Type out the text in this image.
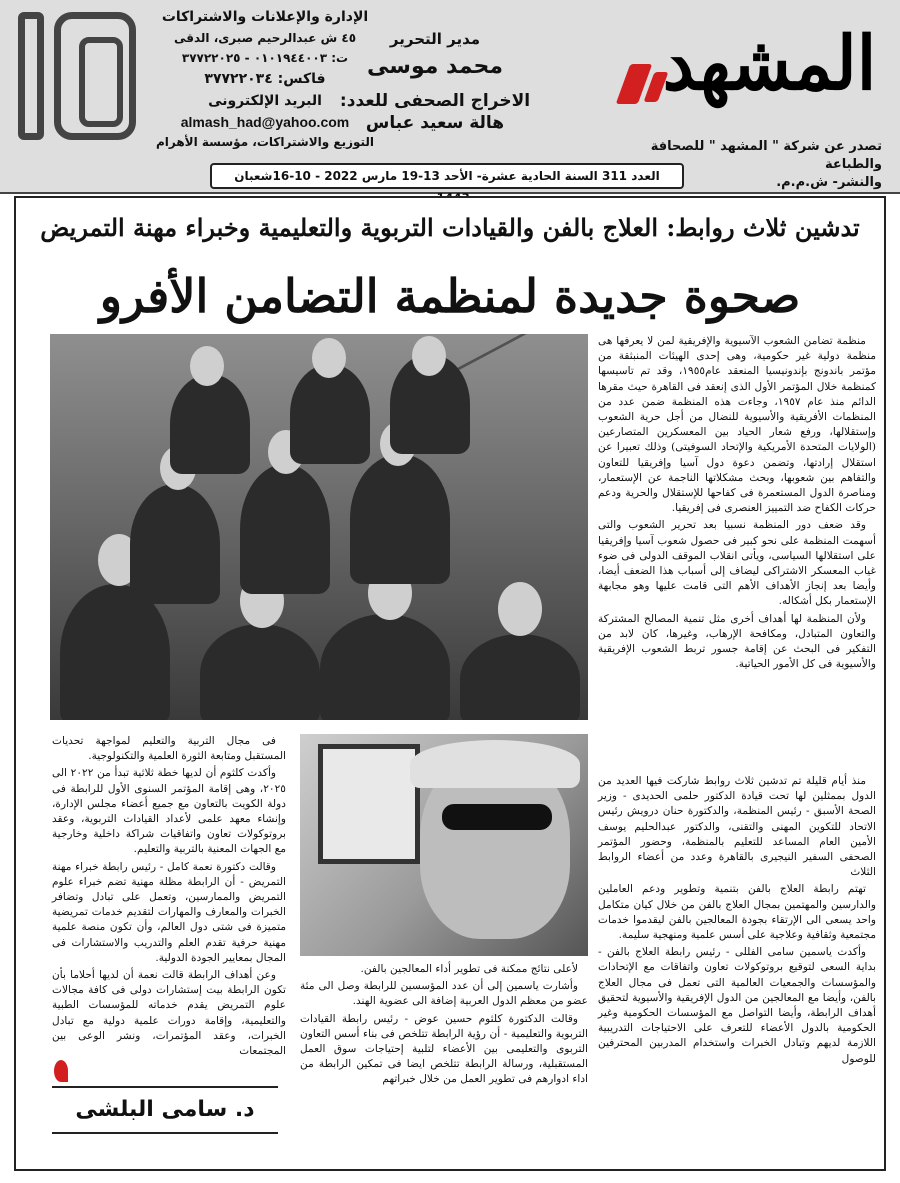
المشهد
تصدر عن شركة " المشهد " للصحافة والطباعة
والنشر- ش.م.م.
مدير التحرير
محمد موسى
الاخراج الصحفى للعدد:
هالة سعيد عباس
الإدارة والإعلانات والاشتراكات
٤٥ ش عبدالرحيم صبرى، الدقى
ت: ٠١٠١٩٤٤٠٠٣ - ٣٧٧٢٢٠٢٥
فاكس: ٣٧٧٢٢٠٣٤
البريد الإلكترونى
almash_had@yahoo.com
التوزيع والاشتراكات، مؤسسة الأهرام
العدد 311 السنة الحادية عشرة- الأحد 13-19 مارس 2022 - 10-16شعبان
تدشين ثلاث روابط: العلاج بالفن والقيادات التربوية والتعليمية وخبراء مهنة التمريض
صحوة جديدة لمنظمة التضامن الأفرو

منظمة تضامن الشعوب الآسيوية والإفريقية لمن لا يعرفها هى منظمة دولية غير حكومية، وهى إحدى الهيئات المنبثقة من مؤتمر باندونج بإندونيسيا المنعقد عام١٩٥٥، وقد تم تاسيسها كمنظمة خلال المؤتمر الأول الذى إنعقد فى القاهرة حيث مقرها الدائم منذ عام ١٩٥٧، وجاءت هذه المنظمة ضمن عدد من المنظمات الأفريقية والأسيوية للنضال من أجل حرية الشعوب وإستقلالها، ورفع شعار الحياد بين المعسكرين المتصارعين (الولايات المتحدة الأمريكية والإتحاد السوفيتى) وذلك تعبيرا عن استقلال إرادتها، وتضمن دعوة دول آسيا وإفريقيا للتعاون والتفاهم بين شعوبها، وبحث مشكلاتها الناجمة عن الإستعمار، ومناصرة الدول المستعمرة فى كفاحها للإستقلال والحرية ودعم حركات الكفاح ضد التمييز العنصرى فى إفريقيا.

وقد ضعف دور المنظمة نسبيا بعد تحرير الشعوب والتى أسهمت المنظمة على نحو كبير فى حصول شعوب آسيا وإفريقيا على استقلالها السياسى، ويأتى انقلاب الموقف الدولى فى ضوء غياب المعسكر الاشتراكى ليضاف إلى أسباب هذا الضعف أيضا، وأيضا بعد إنجاز الأهداف الأهم التى قامت عليها وهو مجابهة الإستعمار بكل أشكاله.

ولأن المنظمة لها أهداف أخرى مثل تنمية المصالح المشتركة والتعاون المتبادل، ومكافحة الإرهاب، وغيرها، كان لابد من التفكير فى البحث عن إقامة جسور تربط الشعوب الإفريقية والأسيوية فى كل الأمور الحياتية.

منذ أيام قليلة تم تدشين ثلاث روابط شاركت فيها العديد من الدول بممثلين لها تحت قيادة الدكتور حلمى الحديدى - وزير الصحة الأسبق - رئيس المنظمة، والدكتورة حنان درويش رئيس الاتحاد للتكوين المهنى والتقنى، والدكتور عبدالحليم يوسف الأمين العام المساعد للتعليم بالمنظمة، وحضور المؤتمر الصحفى السفير النيجيرى بالقاهرة وعدد من أعضاء الروابط الثلاث

تهتم رابطة العلاج بالفن بتنمية وتطوير ودعم العاملين والدارسين والمهتمين بمجال العلاج بالفن من خلال كيان متكامل واحد يسعى الى الإرتقاء بجودة المعالجين بالفن ليقدموا خدمات مجتمعية وثقافية وعلاجية على أسس علمية ومنهجية سليمة.

وأكدت ياسمين سامى الفللى - رئيس رابطة العلاج بالفن - بداية السعى لتوقيع بروتوكولات تعاون واتفاقات مع الإتحادات والمؤسسات والجمعيات العالمية التى تعمل فى مجال العلاج بالفن، وأيضا مع المعالجين من الدول الإفريقية والأسيوية لتحقيق أهداف الرابطة، وأيضا التواصل مع المؤسسات الحكومية وغير الحكومية بالدول الأعضاء للتعرف على الاحتياجات التدريبية اللازمة لديهم وتبادل الخبرات واستخدام المدربين المحترفين للوصول

لأعلى نتائج ممكنة فى تطوير أداء المعالجين بالفن.

وأشارت ياسمين إلى أن عدد المؤسسين للرابطة وصل الى مئة عضو من معظم الدول العربية إضافة الى عضوية الهند.

وقالت الدكتورة كلثوم حسين عوض - رئيس رابطة القيادات التربوية والتعليمية - أن رؤية الرابطة تتلخص فى بناء أسس التعاون التربوى والتعليمى بين الأعضاء لتلبية إحتياجات سوق العمل المستقبلية، ورسالة الرابطة تتلخص ايضا فى تمكين الرابطة من اداء ادوارهم فى تطوير العمل من خلال خبراتهم

فى مجال التربية والتعليم لمواجهة تحديات المستقبل ومتابعة الثورة العلمية والتكنولوجية.

وأكدت كلثوم أن لديها خطة ثلاثية تبدأ من ٢٠٢٢ الى ٢٠٢٥، وهى إقامة المؤتمر السنوى الأول للرابطة فى دولة الكويت بالتعاون مع جميع أعضاء مجلس الإدارة، وإنشاء معهد علمى لأعداد القيادات التربوية، وعقد بروتوكولات تعاون واتفاقيات شراكة داخلية وخارجية مع الجهات المعنية بالتربية والتعليم.

وقالت دكتورة نعمة كامل - رئيس رابطة خبراء مهنة التمريض - أن الرابطة مظلة مهنية تضم خبراء علوم التمريض والممارسين، وتعمل على تبادل وتضافر الخبرات والمعارف والمهارات لتقديم خدمات تمريضية متميزة فى شتى دول العالم، وأن تكون منصة علمية مهنية حرفية تقدم العلم والتدريب والاستشارات فى المجال بمعايير الجودة الدولية.

وعن أهداف الرابطة قالت نعمة أن لديها أحلاما بأن تكون الرابطة بيت إستشارات دولى فى كافة مجالات علوم التمريض يقدم خدماته للمؤسسات الطبية والتعليمية، وإقامة دورات علمية دولية مع تبادل الخبرات، وعقد المؤتمرات، ونشر الوعى بين المجتمعات

د. سامى البلشى
